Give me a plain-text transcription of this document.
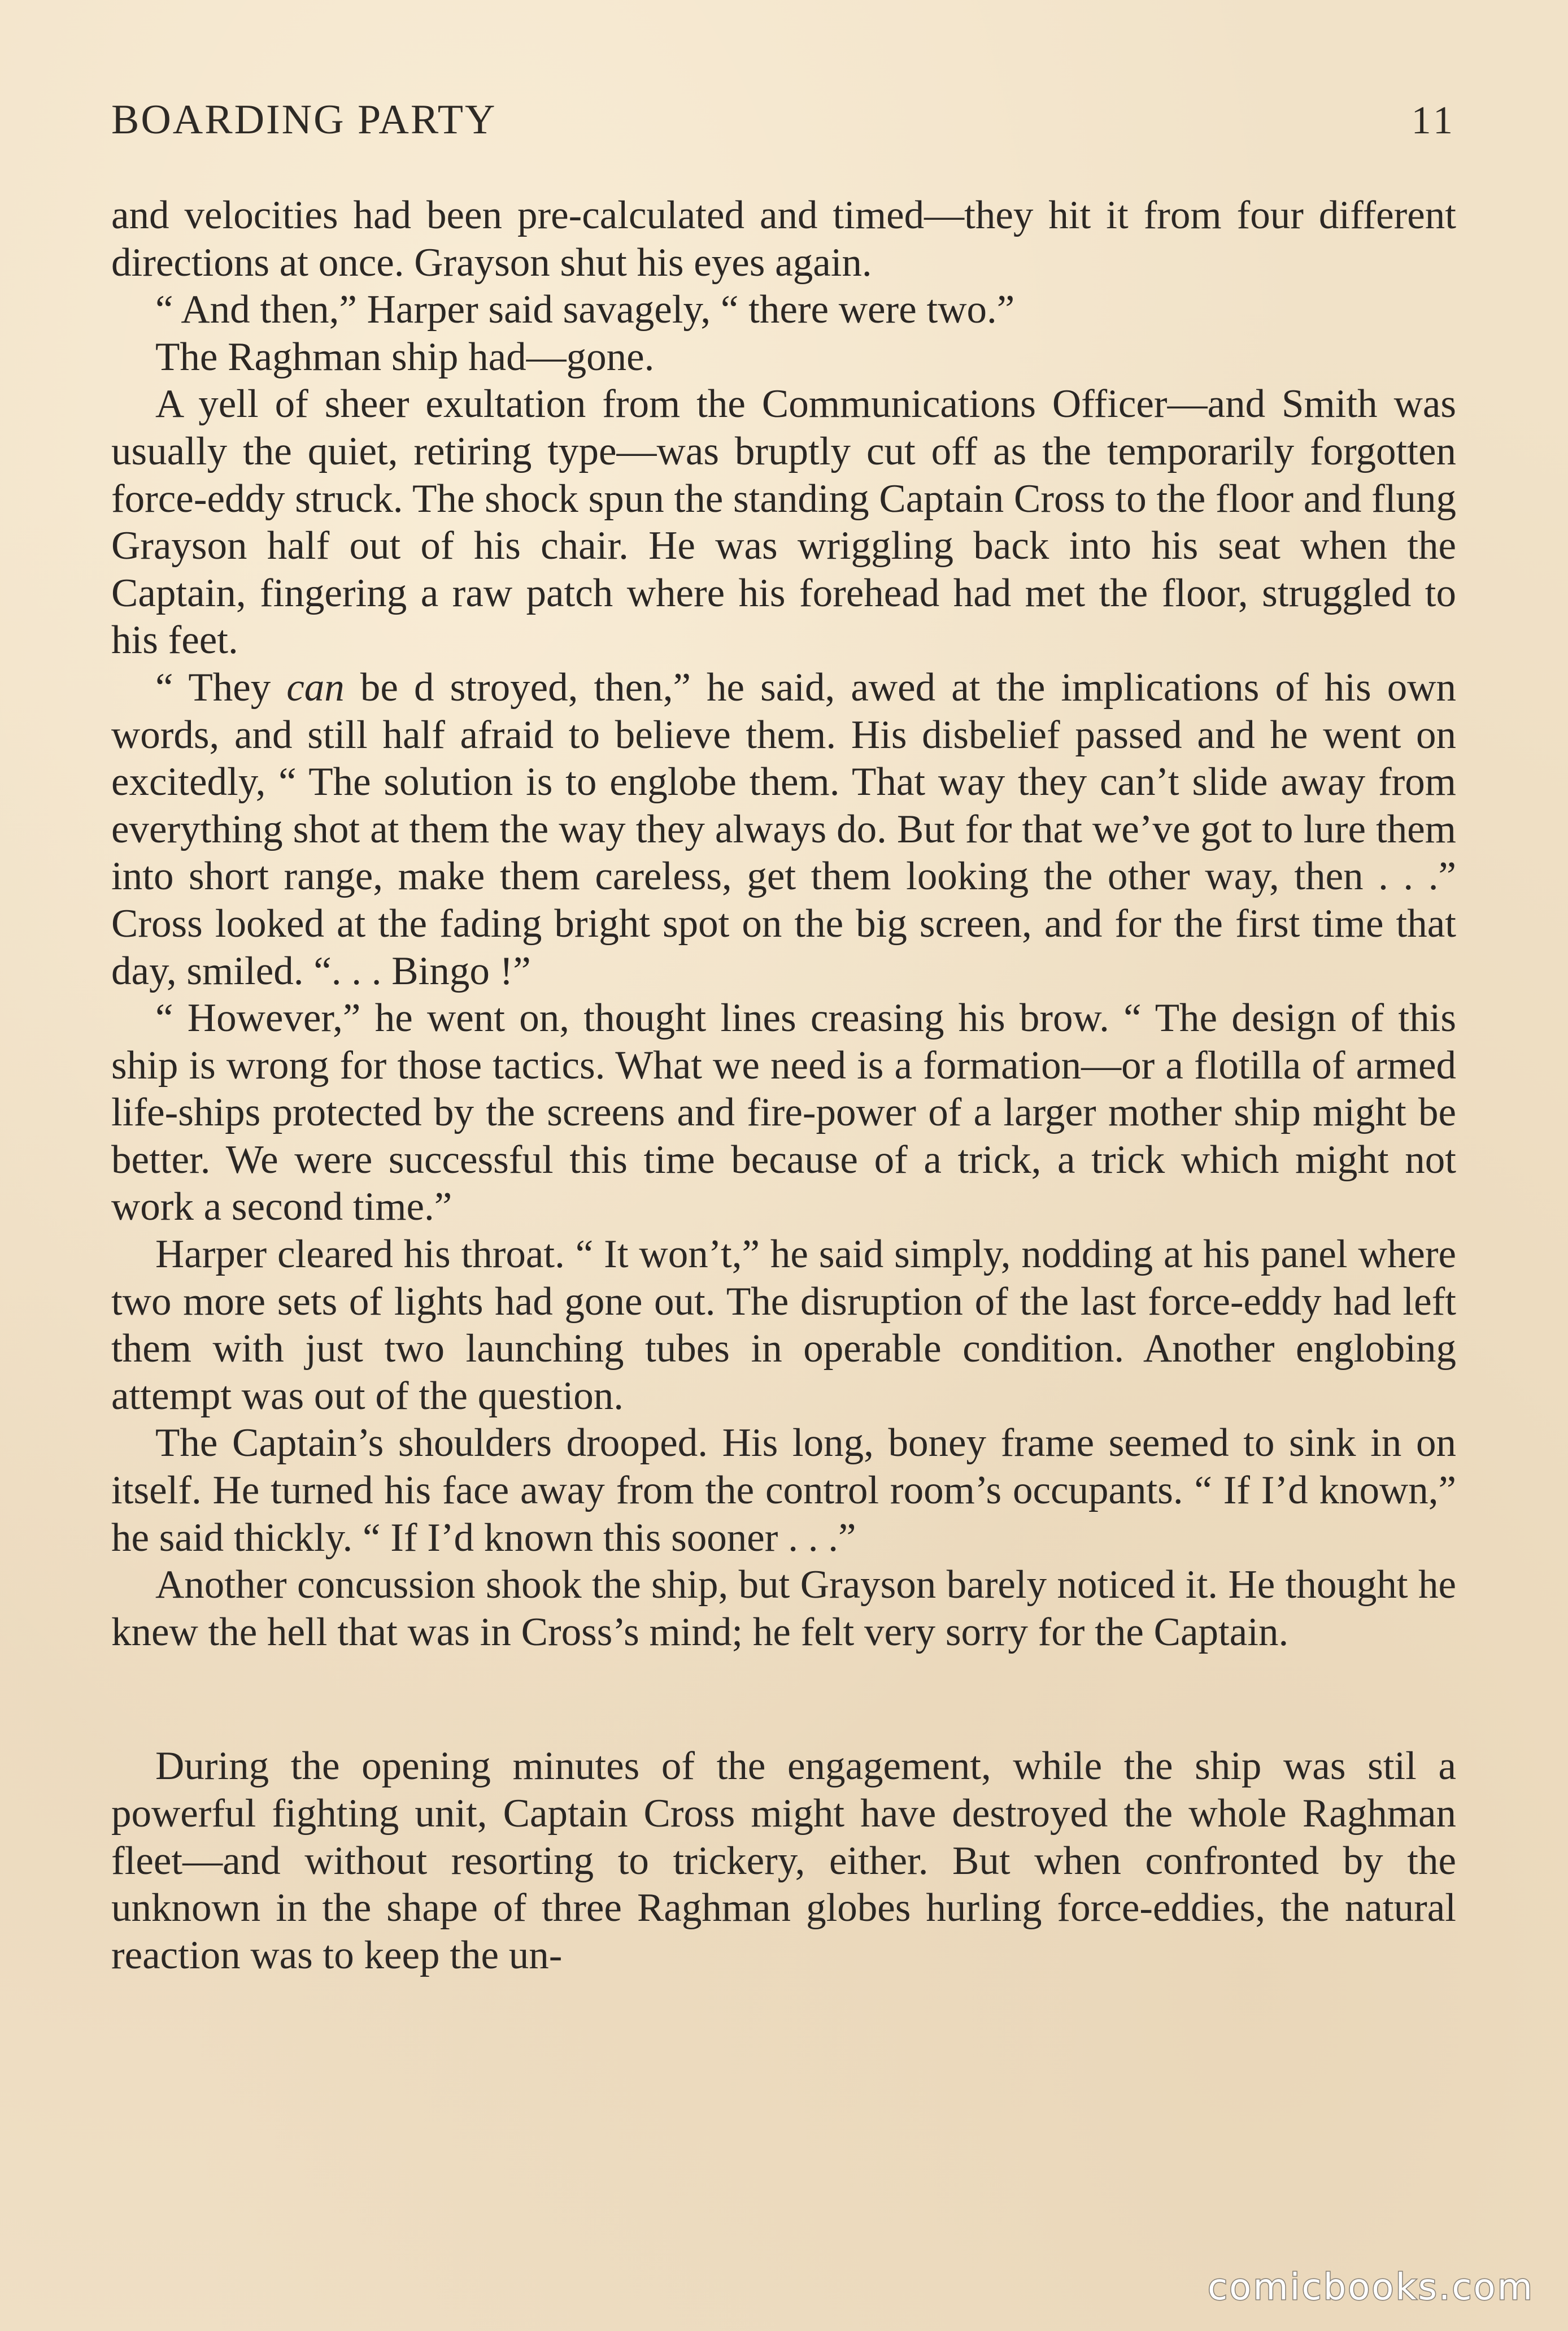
BOARDING PARTY	11

and velocities had been pre-calculated and timed—they hit it from four different directions at once. Grayson shut his eyes again.

“ And then,” Harper said savagely, “ there were two.”

The Raghman ship had—gone.

A yell of sheer exultation from the Communications Officer—and Smith was usually the quiet, retiring type—was bruptly cut off as the temporarily forgotten force-eddy struck. The shock spun the standing Captain Cross to the floor and flung Grayson half out of his chair. He was wriggling back into his seat when the Captain, fingering a raw patch where his forehead had met the floor, struggled to his feet.

“ They can be d stroyed, then,” he said, awed at the implications of his own words, and still half afraid to believe them. His disbelief passed and he went on excitedly, “ The solution is to englobe them. That way they can’t slide away from everything shot at them the way they always do. But for that we’ve got to lure them into short range, make them careless, get them looking the other way, then . . .” Cross looked at the fading bright spot on the big screen, and for the first time that day, smiled. “. . . Bingo !”

“ However,” he went on, thought lines creasing his brow. “ The design of this ship is wrong for those tactics. What we need is a formation—or a flotilla of armed life-ships protected by the screens and fire-power of a larger mother ship might be better. We were successful this time because of a trick, a trick which might not work a second time.”

Harper cleared his throat. “ It won’t,” he said simply, nodding at his panel where two more sets of lights had gone out. The disruption of the last force-eddy had left them with just two launching tubes in operable condition. Another englobing attempt was out of the question.

The Captain’s shoulders drooped. His long, boney frame seemed to sink in on itself. He turned his face away from the control room’s occupants. “ If I’d known,” he said thickly. “ If I’d known this sooner . . .”

Another concussion shook the ship, but Grayson barely noticed it. He thought he knew the hell that was in Cross’s mind; he felt very sorry for the Captain.

During the opening minutes of the engagement, while the ship was stil a powerful fighting unit, Captain Cross might have destroyed the whole Raghman fleet—and without resorting to trickery, either. But when confronted by the unknown in the shape of three Raghman globes hurling force-eddies, the natural reaction was to keep the un-

comicbooks.com
